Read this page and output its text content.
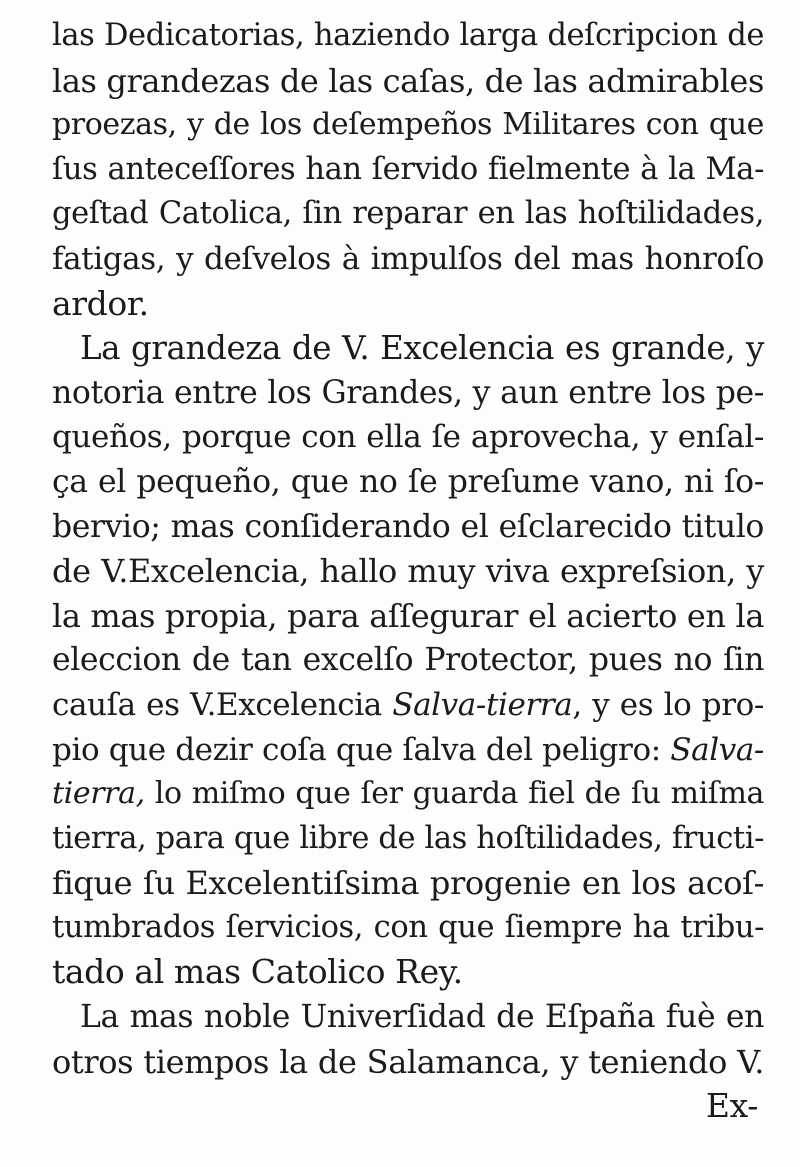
las Dedicatorias, haziendo larga deſcripcion de
las grandezas de las caſas, de las admirables
proezas, y de los deſempeños Militares con que
ſus anteceſſores han ſervido fielmente à la Ma-
geſtad Catolica, ſin reparar en las hoſtilidades,
fatigas, y deſvelos à impulſos del mas honroſo
ardor.
La grandeza de V. Excelencia es grande, y
notoria entre los Grandes, y aun entre los pe-
queños, porque con ella ſe aprovecha, y enſal-
ça el pequeño, que no ſe preſume vano, ni ſo-
bervio; mas conſiderando el eſclarecido titulo
de V.Excelencia, hallo muy viva expreſsion, y
la mas propia, para aſſegurar el acierto en la
eleccion de tan excelſo Protector, pues no ſin
cauſa es V.Excelencia Salva-tierra, y es lo pro-
pio que dezir coſa que ſalva del peligro: Salva-
tierra, lo miſmo que ſer guarda fiel de ſu miſma
tierra, para que libre de las hoſtilidades, fructi-
fique ſu Excelentiſsima progenie en los acoſ-
tumbrados ſervicios, con que ſiempre ha tribu-
tado al mas Catolico Rey.
La mas noble Univerſidad de Eſpaña fuè en
otros tiempos la de Salamanca, y teniendo V.
Ex-
